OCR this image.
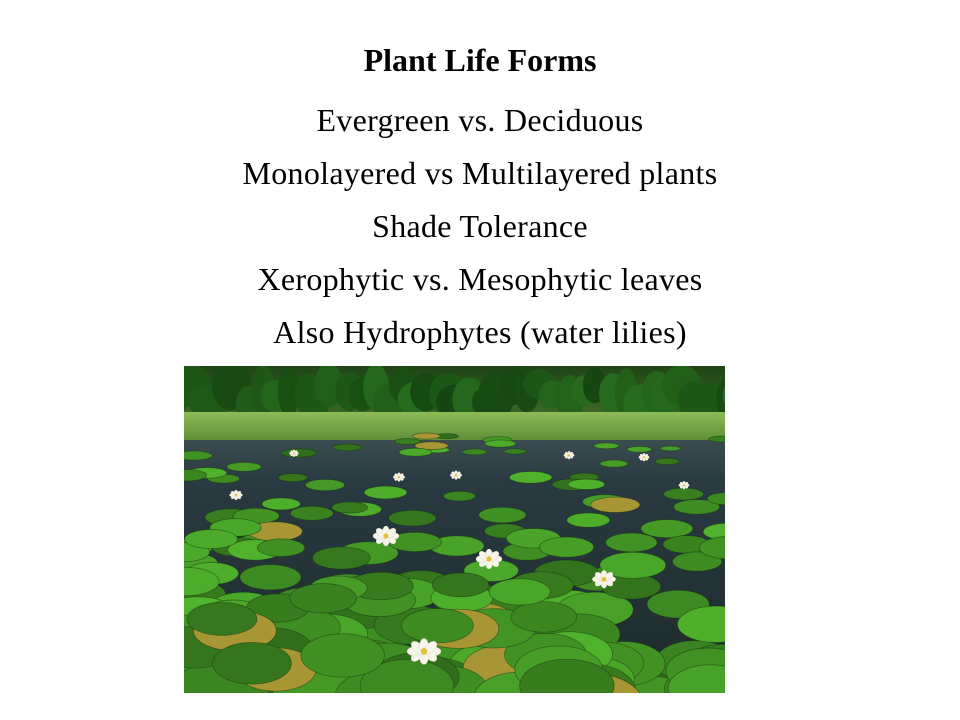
Plant Life Forms

Evergreen vs. Deciduous

Monolayered vs Multilayered plants

Shade Tolerance

Xerophytic vs. Mesophytic leaves

Also Hydrophytes (water lilies)
